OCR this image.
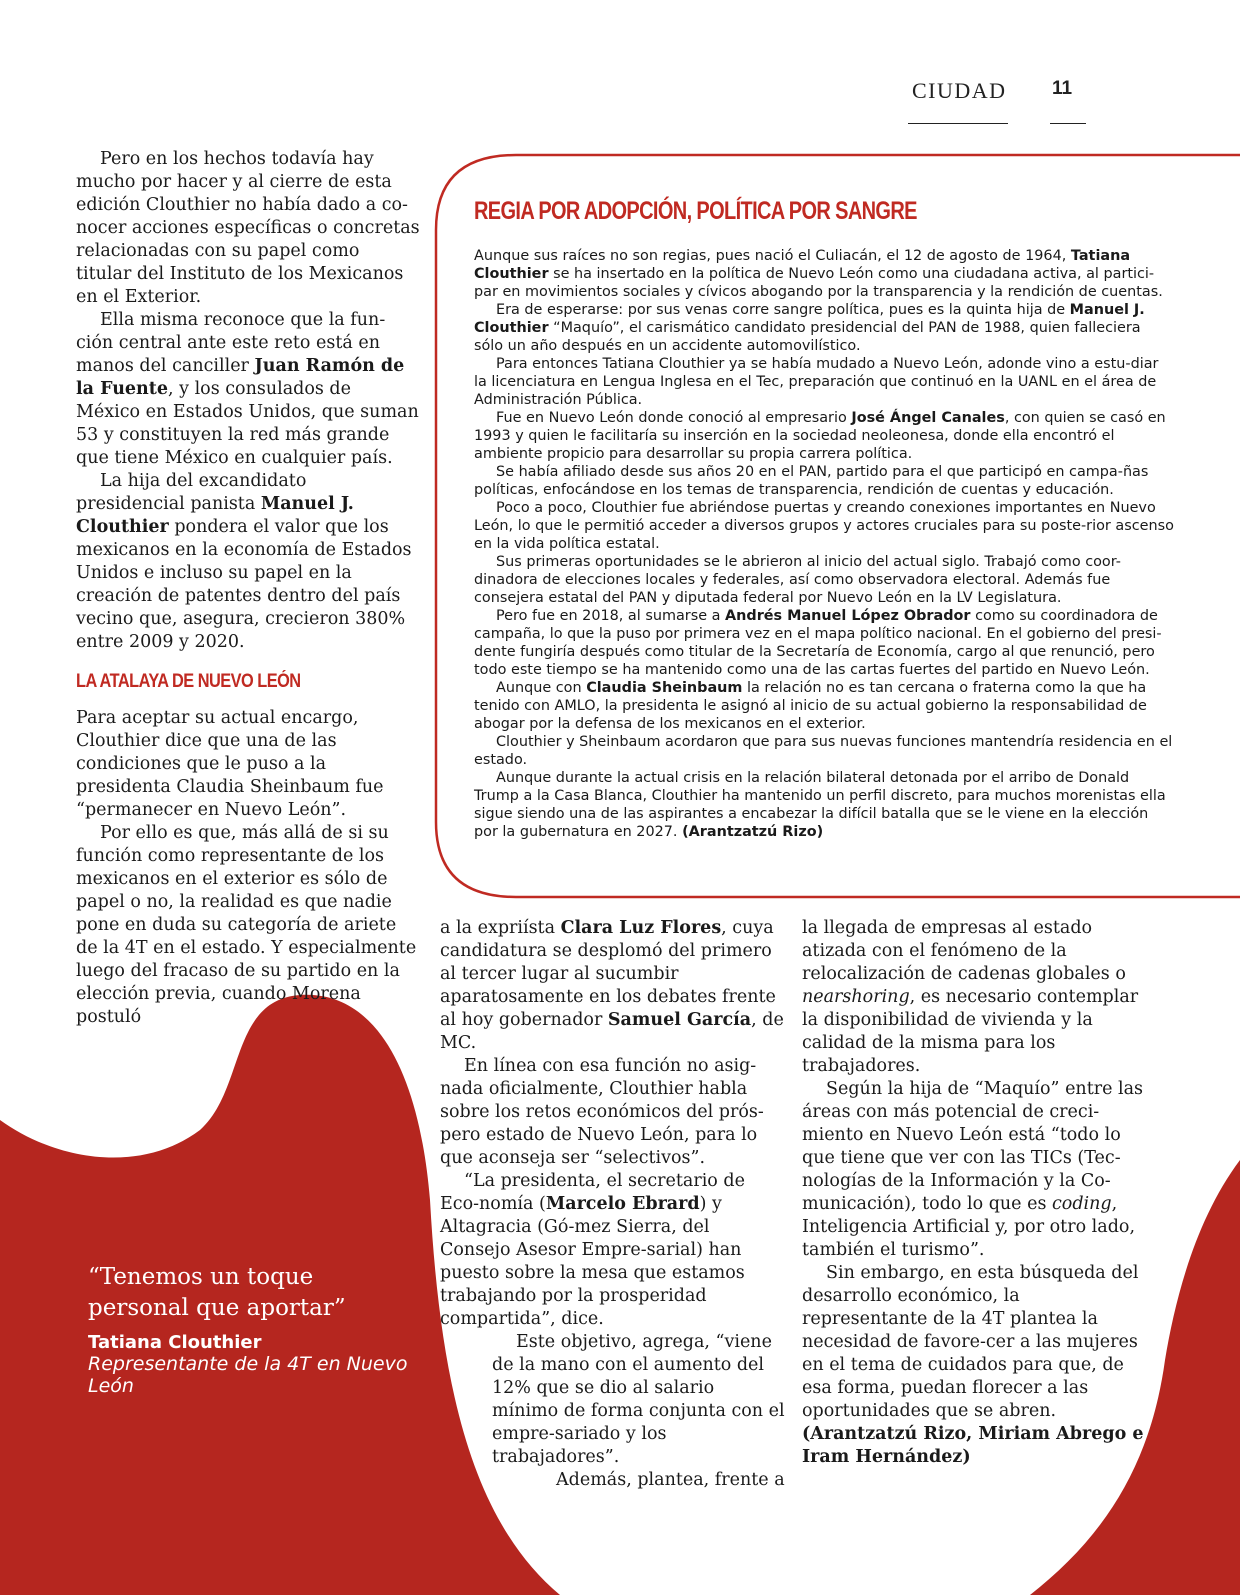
CIUDAD	11

Pero en los hechos todavía hay mucho por hacer y al cierre de esta edición Clouthier no había dado a co-nocer acciones específicas o concretas relacionadas con su papel como titular del Instituto de los Mexicanos en el Exterior.

Ella misma reconoce que la fun-ción central ante este reto está en manos del canciller Juan Ramón de la Fuente, y los consulados de México en Estados Unidos, que suman 53 y constituyen la red más grande que tiene México en cualquier país.

La hija del excandidato presidencial panista Manuel J. Clouthier pondera el valor que los mexicanos en la economía de Estados Unidos e incluso su papel en la creación de patentes dentro del país vecino que, asegura, crecieron 380% entre 2009 y 2020.

LA ATALAYA DE NUEVO LEÓN

Para aceptar su actual encargo, Clouthier dice que una de las condiciones que le puso a la presidenta Claudia Sheinbaum fue “permanecer en Nuevo León”.

Por ello es que, más allá de si su función como representante de los mexicanos en el exterior es sólo de papel o no, la realidad es que nadie pone en duda su categoría de ariete de la 4T en el estado. Y especialmente luego del fracaso de su partido en la elección previa, cuando Morena postuló

REGIA POR ADOPCIÓN, POLÍTICA POR SANGRE

Aunque sus raíces no son regias, pues nació el Culiacán, el 12 de agosto de 1964, Tatiana Clouthier se ha insertado en la política de Nuevo León como una ciudadana activa, al partici-par en movimientos sociales y cívicos abogando por la transparencia y la rendición de cuentas.

Era de esperarse: por sus venas corre sangre política, pues es la quinta hija de Manuel J. Clouthier “Maquío”, el carismático candidato presidencial del PAN de 1988, quien falleciera sólo un año después en un accidente automovilístico.

Para entonces Tatiana Clouthier ya se había mudado a Nuevo León, adonde vino a estu-diar la licenciatura en Lengua Inglesa en el Tec, preparación que continuó en la UANL en el área de Administración Pública.

Fue en Nuevo León donde conoció al empresario José Ángel Canales, con quien se casó en 1993 y quien le facilitaría su inserción en la sociedad neoleonesa, donde ella encontró el ambiente propicio para desarrollar su propia carrera política.

Se había afiliado desde sus años 20 en el PAN, partido para el que participó en campa-ñas políticas, enfocándose en los temas de transparencia, rendición de cuentas y educación.

Poco a poco, Clouthier fue abriéndose puertas y creando conexiones importantes en Nuevo León, lo que le permitió acceder a diversos grupos y actores cruciales para su poste-rior ascenso en la vida política estatal.

Sus primeras oportunidades se le abrieron al inicio del actual siglo. Trabajó como coor-dinadora de elecciones locales y federales, así como observadora electoral. Además fue consejera estatal del PAN y diputada federal por Nuevo León en la LV Legislatura.

Pero fue en 2018, al sumarse a Andrés Manuel López Obrador como su coordinadora de campaña, lo que la puso por primera vez en el mapa político nacional. En el gobierno del presi-dente fungiría después como titular de la Secretaría de Economía, cargo al que renunció, pero todo este tiempo se ha mantenido como una de las cartas fuertes del partido en Nuevo León.

Aunque con Claudia Sheinbaum la relación no es tan cercana o fraterna como la que ha tenido con AMLO, la presidenta le asignó al inicio de su actual gobierno la responsabilidad de abogar por la defensa de los mexicanos en el exterior.

Clouthier y Sheinbaum acordaron que para sus nuevas funciones mantendría residencia en el estado.

Aunque durante la actual crisis en la relación bilateral detonada por el arribo de Donald Trump a la Casa Blanca, Clouthier ha mantenido un perfil discreto, para muchos morenistas ella sigue siendo una de las aspirantes a encabezar la difícil batalla que se le viene en la elección por la gubernatura en 2027. (Arantzatzú Rizo)

a la expriísta Clara Luz Flores, cuya candidatura se desplomó del primero al tercer lugar al sucumbir aparatosamente en los debates frente al hoy gobernador Samuel García, de MC.

En línea con esa función no asig-nada oficialmente, Clouthier habla sobre los retos económicos del prós-pero estado de Nuevo León, para lo que aconseja ser “selectivos”.

“La presidenta, el secretario de Eco-nomía (Marcelo Ebrard) y Altagracia (Gó-mez Sierra, del Consejo Asesor Empre-sarial) han puesto sobre la mesa que estamos trabajando por la prosperidad compartida”, dice.

Este objetivo, agrega, “viene de la mano con el aumento del 12% que se dio al salario mínimo de forma conjunta con el empre-sariado y los trabajadores”.

Además, plantea, frente a

la llegada de empresas al estado atizada con el fenómeno de la relocalización de cadenas globales o nearshoring, es necesario contemplar la disponibilidad de vivienda y la calidad de la misma para los trabajadores.

Según la hija de “Maquío” entre las áreas con más potencial de creci-miento en Nuevo León está “todo lo que tiene que ver con las TICs (Tec-nologías de la Información y la Co-municación), todo lo que es coding, Inteligencia Artificial y, por otro lado, también el turismo”.

Sin embargo, en esta búsqueda del desarrollo económico, la representante de la 4T plantea la necesidad de favore-cer a las mujeres en el tema de cuidados para que, de esa forma, puedan florecer a las oportunidades que se abren.

(Arantzatzú Rizo, Miriam Abrego e Iram Hernández)

“Tenemos un toque personal que aportar”
Tatiana Clouthier
Representante de la 4T en Nuevo León
